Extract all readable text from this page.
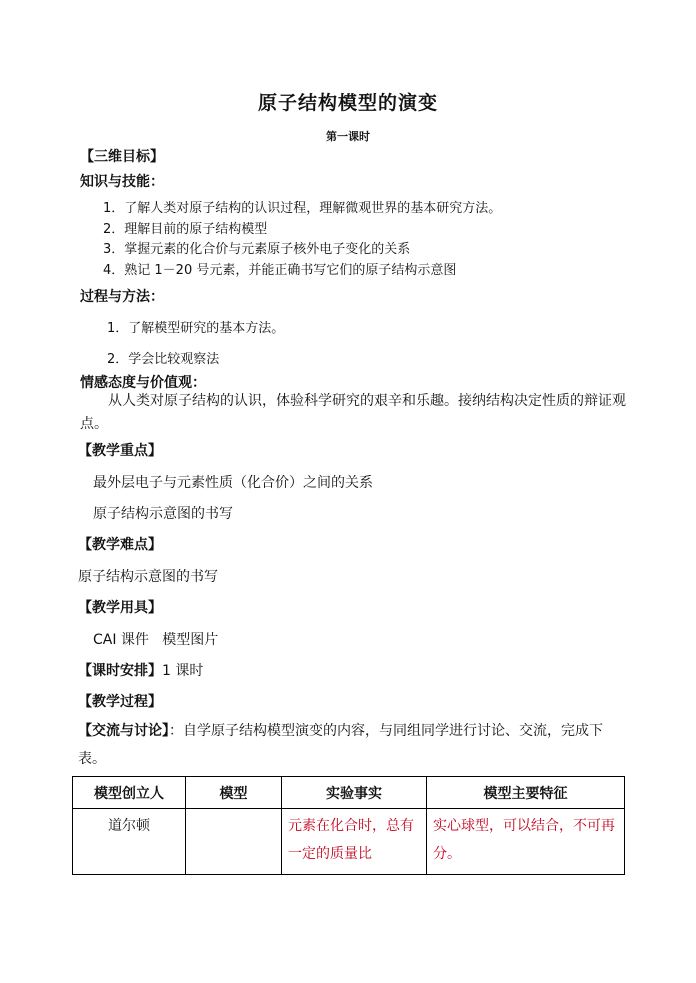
原子结构模型的演变
第一课时
【三维目标】
知识与技能：
1．了解人类对原子结构的认识过程，理解微观世界的基本研究方法。
2．理解目前的原子结构模型
3．掌握元素的化合价与元素原子核外电子变化的关系
4．熟记 1－20 号元素，并能正确书写它们的原子结构示意图
过程与方法：
1．了解模型研究的基本方法。
2．学会比较观察法
情感态度与价值观：
从人类对原子结构的认识，体验科学研究的艰辛和乐趣。接纳结构决定性质的辩证观点。
【教学重点】
最外层电子与元素性质（化合价）之间的关系
原子结构示意图的书写
【教学难点】
原子结构示意图的书写
【教学用具】
CAI 课件   模型图片
【课时安排】1 课时
【教学过程】
【交流与讨论】：自学原子结构模型演变的内容，与同组同学进行讨论、交流，完成下表。
模型创立人	模型	实验事实	模型主要特征
道尔顿		元素在化合时，总有一定的质量比	实心球型，可以结合，不可再分。
